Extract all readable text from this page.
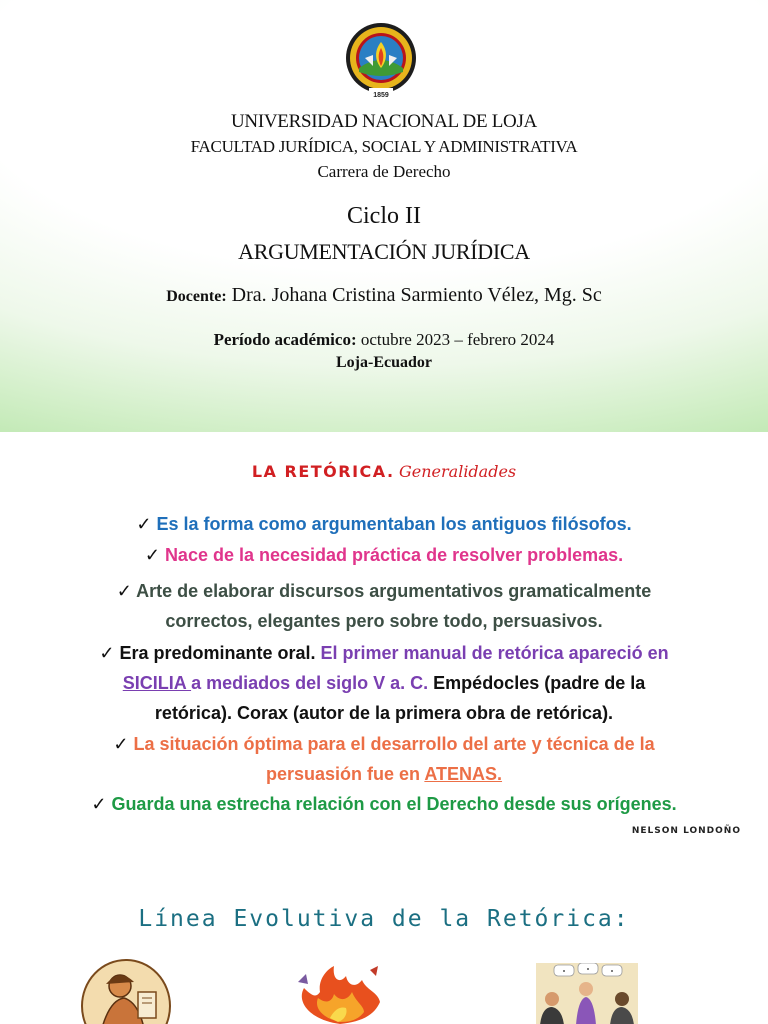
1859
UNIVERSIDAD NACIONAL DE LOJA
FACULTAD JURÍDICA, SOCIAL Y ADMINISTRATIVA
Carrera de Derecho
Ciclo II
ARGUMENTACIÓN JURÍDICA
Docente: Dra. Johana Cristina Sarmiento Vélez, Mg. Sc
Período académico: octubre 2023 – febrero 2024
Loja-Ecuador
LA RETÓRICA. Generalidades
✓ Es la forma como argumentaban los antiguos filósofos.
✓ Nace de la necesidad práctica de resolver problemas.
✓ Arte de elaborar discursos argumentativos gramaticalmente
correctos, elegantes pero sobre todo, persuasivos.
✓ Era predominante oral. El primer manual de retórica apareció en
SICILIA a mediados del siglo V a. C. Empédocles (padre de la
retórica). Corax (autor de la primera obra de retórica).
✓ La situación óptima para el desarrollo del arte y técnica de la
persuasión fue en ATENAS.
✓ Guarda una estrecha relación con el Derecho desde sus orígenes.
NELSON LONDOÑO
Línea Evolutiva de la Retórica:
